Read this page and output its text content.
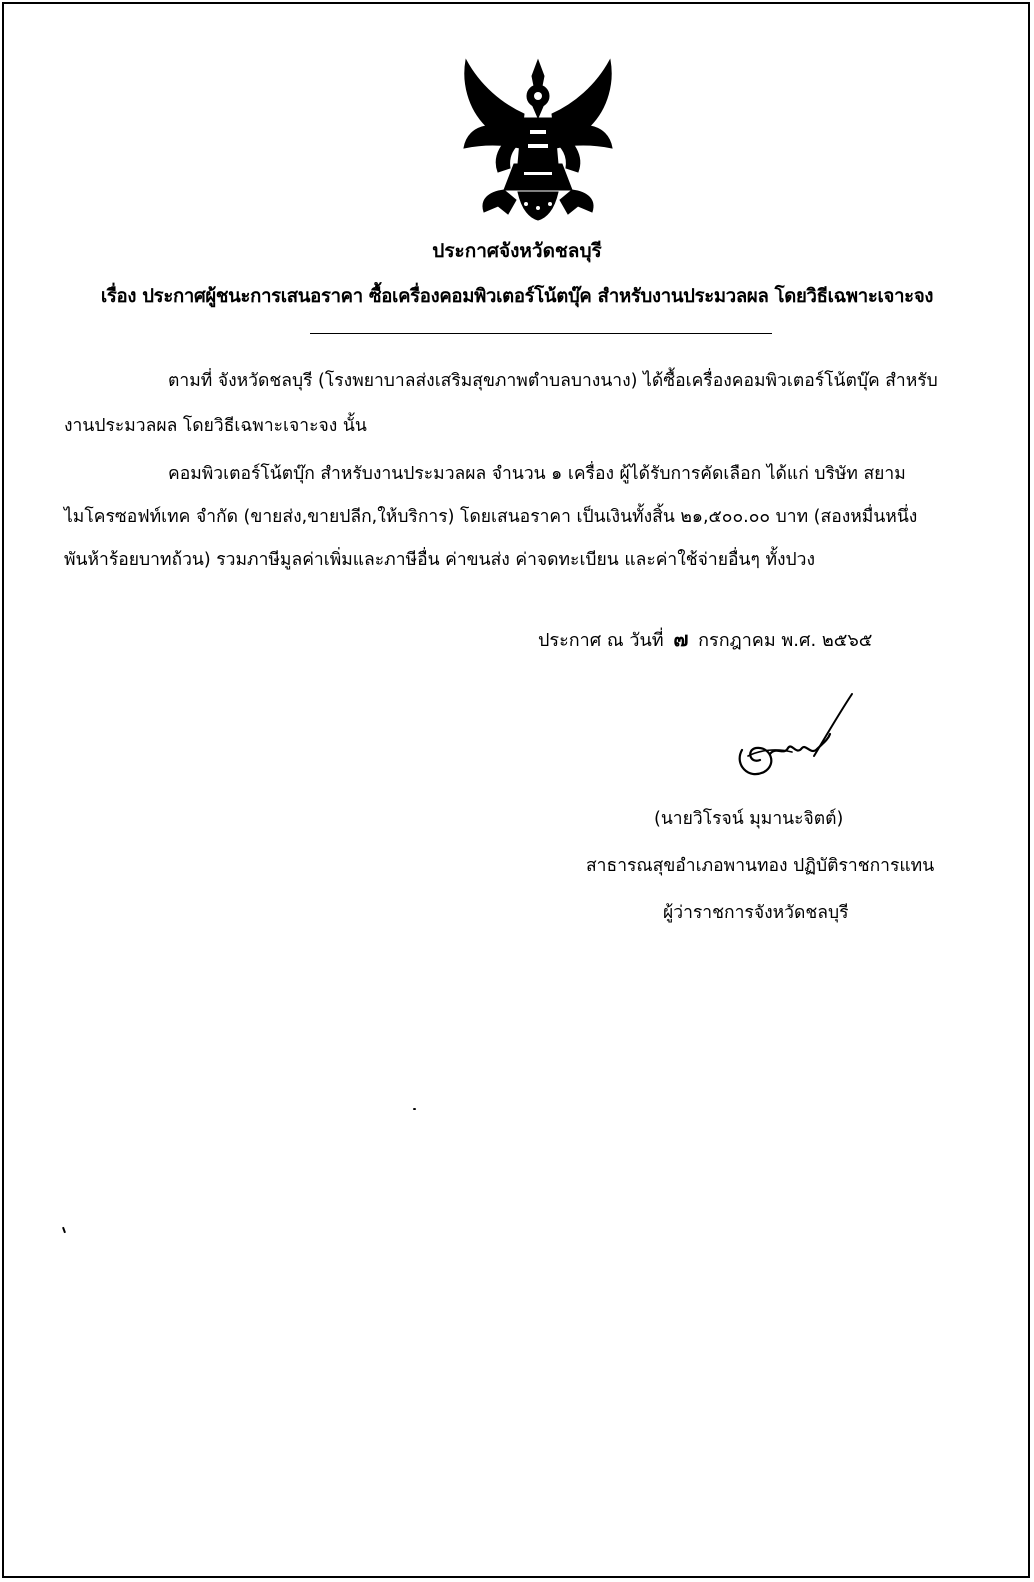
ประกาศจังหวัดชลบุรี
เรื่อง ประกาศผู้ชนะการเสนอราคา ซื้อเครื่องคอมพิวเตอร์โน้ตบุ๊ค สำหรับงานประมวลผล โดยวิธีเฉพาะเจาะจง
ตามที่ จังหวัดชลบุรี (โรงพยาบาลส่งเสริมสุขภาพตำบลบางนาง) ได้ซื้อเครื่องคอมพิวเตอร์โน้ตบุ๊ค สำหรับ
งานประมวลผล โดยวิธีเฉพาะเจาะจง นั้น
คอมพิวเตอร์โน้ตบุ๊ก สำหรับงานประมวลผล จำนวน ๑ เครื่อง ผู้ได้รับการคัดเลือก ได้แก่ บริษัท สยาม
ไมโครซอฟท์เทค จำกัด (ขายส่ง,ขายปลีก,ให้บริการ) โดยเสนอราคา เป็นเงินทั้งสิ้น ๒๑,๕๐๐.๐๐ บาท (สองหมื่นหนึ่ง
พันห้าร้อยบาทถ้วน) รวมภาษีมูลค่าเพิ่มและภาษีอื่น ค่าขนส่ง ค่าจดทะเบียน และค่าใช้จ่ายอื่นๆ ทั้งปวง
ประกาศ ณ วันที่ ๗ กรกฎาคม พ.ศ. ๒๕๖๕
(นายวิโรจน์ มุมานะจิตต์)
สาธารณสุขอำเภอพานทอง ปฏิบัติราชการแทน
ผู้ว่าราชการจังหวัดชลบุรี
